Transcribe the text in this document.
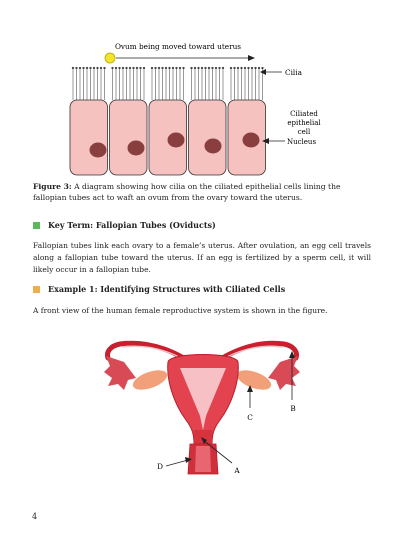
Ovum being moved toward uterus
Cilia
Ciliated
epithelial
cell
Nucleus
Figure 3: A diagram showing how cilia on the ciliated epithelial cells lining the fallopian tubes act to waft an ovum from the ovary toward the uterus.
Key Term: Fallopian Tubes (Oviducts)
Fallopian tubes link each ovary to a female’s uterus. After ovulation, an egg cell travels along a fallopian tube toward the uterus. If an egg is fertilized by a sperm cell, it will likely occur in a fallopian tube.
Example 1: Identifying Structures with Ciliated Cells
A front view of the human female reproductive system is shown in the figure.
A
B
C
D
4
